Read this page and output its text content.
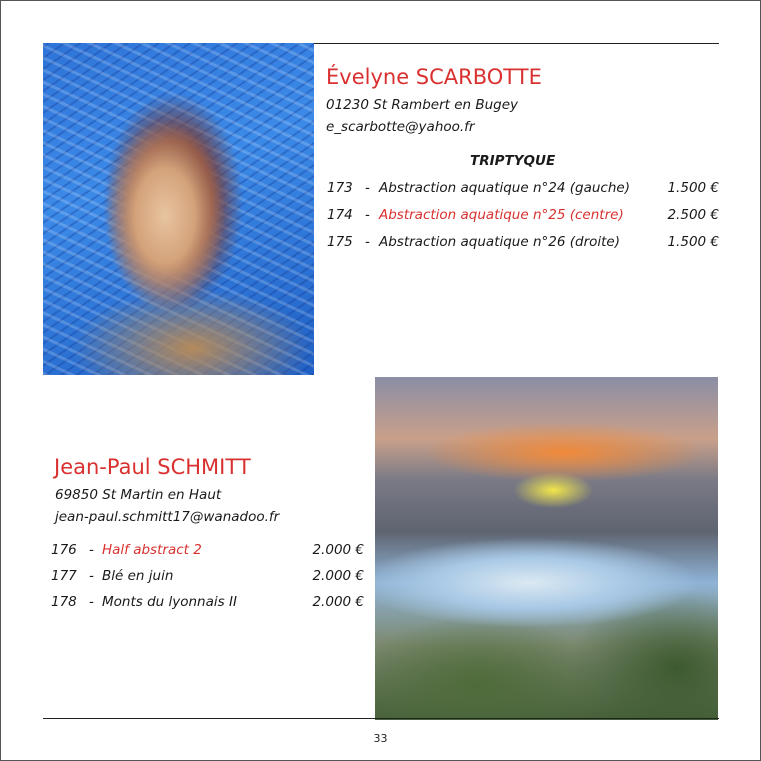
Évelyne SCARBOTTE

01230 St Rambert en Bugey

e_scarbotte@yahoo.fr

TRIPTYQUE

173 - Abstraction aquatique n°24 (gauche)	1.500 €
174 - Abstraction aquatique n°25 (centre)	2.500 €
175 - Abstraction aquatique n°26 (droite)	1.500 €
Jean-Paul SCHMITT

69850 St Martin en Haut

jean-paul.schmitt17@wanadoo.fr

176 - Half abstract 2	2.000 €
177 - Blé en juin	2.000 €
178 - Monts du lyonnais II	2.000 €
33
